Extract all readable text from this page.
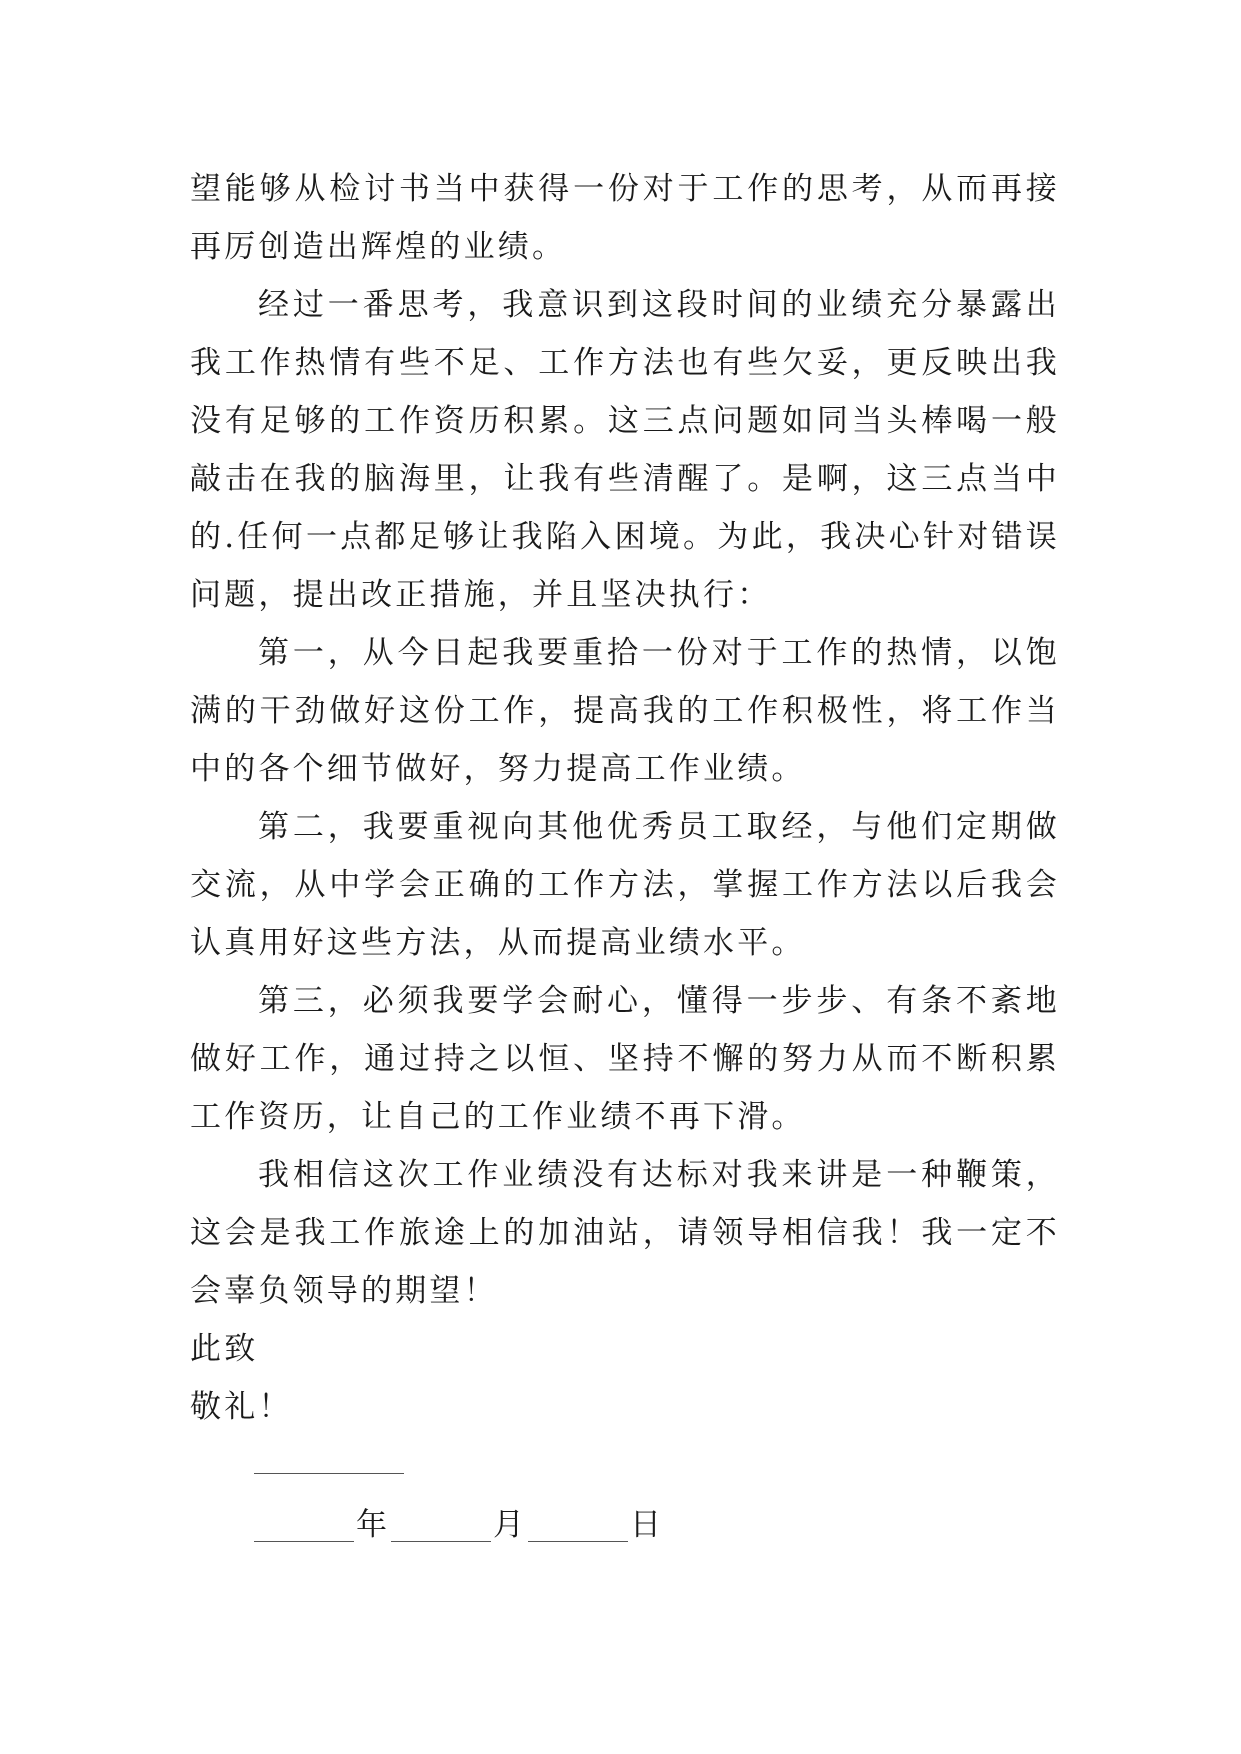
望能够从检讨书当中获得一份对于工作的思考，从而再接再厉创造出辉煌的业绩。

经过一番思考，我意识到这段时间的业绩充分暴露出我工作热情有些不足、工作方法也有些欠妥，更反映出我没有足够的工作资历积累。这三点问题如同当头棒喝一般敲击在我的脑海里，让我有些清醒了。是啊，这三点当中的.任何一点都足够让我陷入困境。为此，我决心针对错误问题，提出改正措施，并且坚决执行：

第一，从今日起我要重拾一份对于工作的热情，以饱满的干劲做好这份工作，提高我的工作积极性，将工作当中的各个细节做好，努力提高工作业绩。

第二，我要重视向其他优秀员工取经，与他们定期做交流，从中学会正确的工作方法，掌握工作方法以后我会认真用好这些方法，从而提高业绩水平。

第三，必须我要学会耐心，懂得一步步、有条不紊地做好工作，通过持之以恒、坚持不懈的努力从而不断积累工作资历，让自己的工作业绩不再下滑。

我相信这次工作业绩没有达标对我来讲是一种鞭策，这会是我工作旅途上的加油站，请领导相信我！我一定不会辜负领导的期望！

此致

敬礼！

年	月	日
